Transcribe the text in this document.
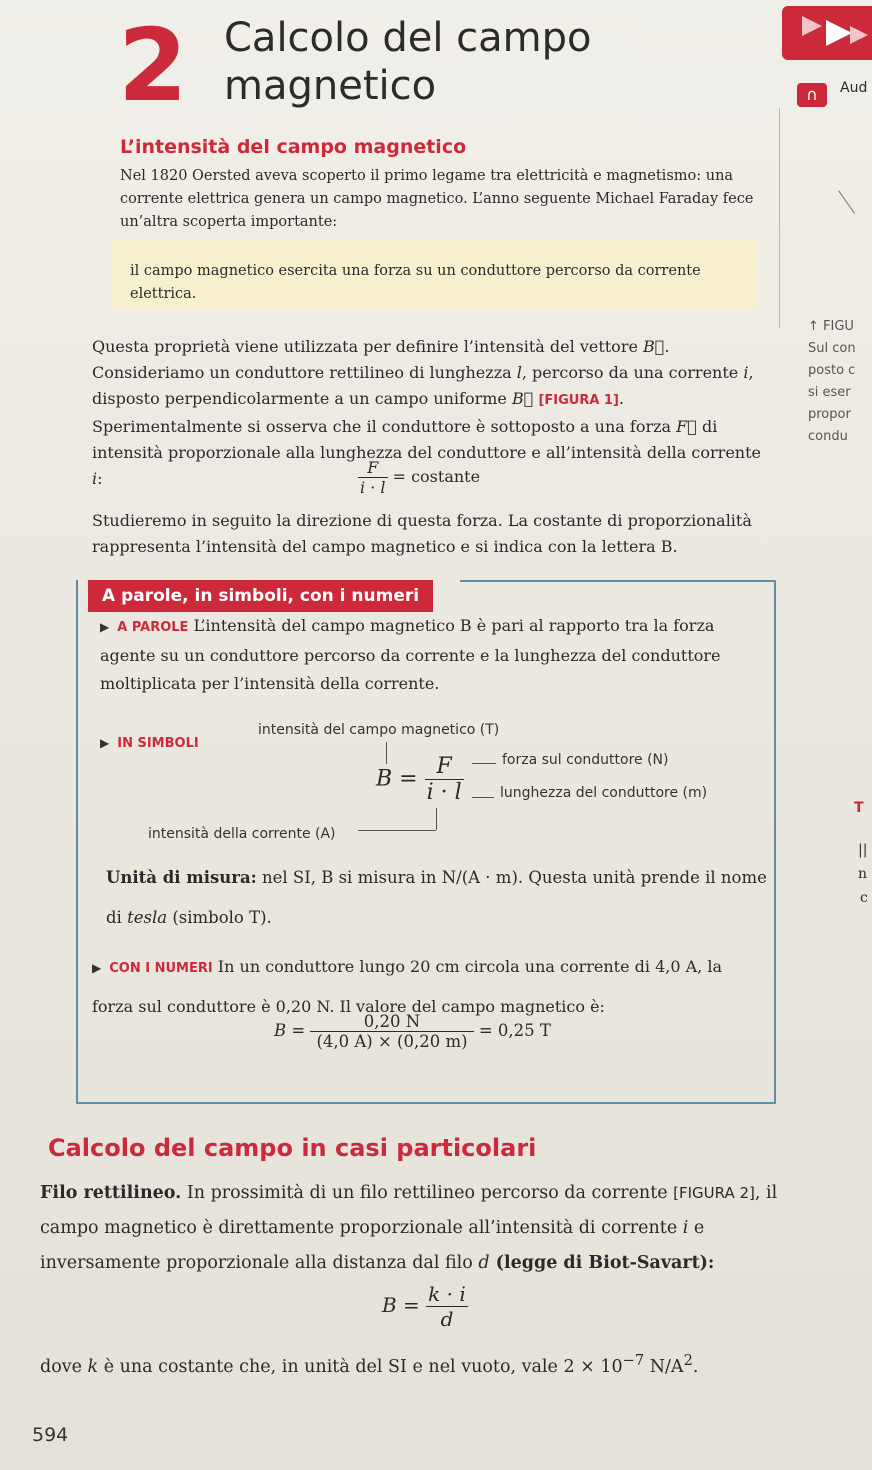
2 Calcolo del campo
magnetico	∩	Aud
L’intensità del campo magnetico

Nel 1820 Oersted aveva scoperto il primo legame tra elettricità e magnetismo: una corrente elettrica genera un campo magnetico. L’anno seguente Michael Faraday fece un’altra scoperta importante:

il campo magnetico esercita una forza su un conduttore percorso da corrente elettrica.

Questa proprietà viene utilizzata per definire l’intensità del vettore B⃗. Consideriamo un conduttore rettilineo di lunghezza l, percorso da una corrente i, disposto perpendicolarmente a un campo uniforme B⃗ [FIGURA 1]. Sperimentalmente si osserva che il conduttore è sottoposto a una forza F⃗ di intensità proporzionale alla lunghezza del conduttore e all’intensità della corrente i:	$\frac{F}{i \cdot l}$ = costante

Studieremo in seguito la direzione di questa forza. La costante di proporzionalità rappresenta l’intensità del campo magnetico e si indica con la lettera B.

↑ FIGU
Sul con
posto c
si eser
propor
condu
A parole, in simboli, con i numeri

▶ A PAROLE L’intensità del campo magnetico B è pari al rapporto tra la forza agente su un conduttore percorso da corrente e la lunghezza del conduttore moltiplicata per l’intensità della corrente.

▶ IN SIMBOLI
intensità del campo magnetico (T)
forza sul conduttore (N)
lunghezza del conduttore (m)
intensità della corrente (A)
$B = \frac{F}{i \cdot l}$

Unità di misura: nel SI, B si misura in N/(A · m). Questa unità prende il nome di tesla (simbolo T).

▶ CON I NUMERI In un conduttore lungo 20 cm circola una corrente di 4,0 A, la forza sul conduttore è 0,20 N. Il valore del campo magnetico è:

$B = \frac{0,20 N}{(4,0 A) \times (0,20 m)} = 0,25$ T
T
||
n
c
Calcolo del campo in casi particolari

Filo rettilineo. In prossimità di un filo rettilineo percorso da corrente [FIGURA 2], il campo magnetico è direttamente proporzionale all’intensità di corrente i e inversamente proporzionale alla distanza dal filo d (legge di Biot-Savart):

$B = \frac{k \cdot i}{d}$

dove k è una costante che, in unità del SI e nel vuoto, vale $2 \times 10^{-7}$ $N/A^2$.

594
